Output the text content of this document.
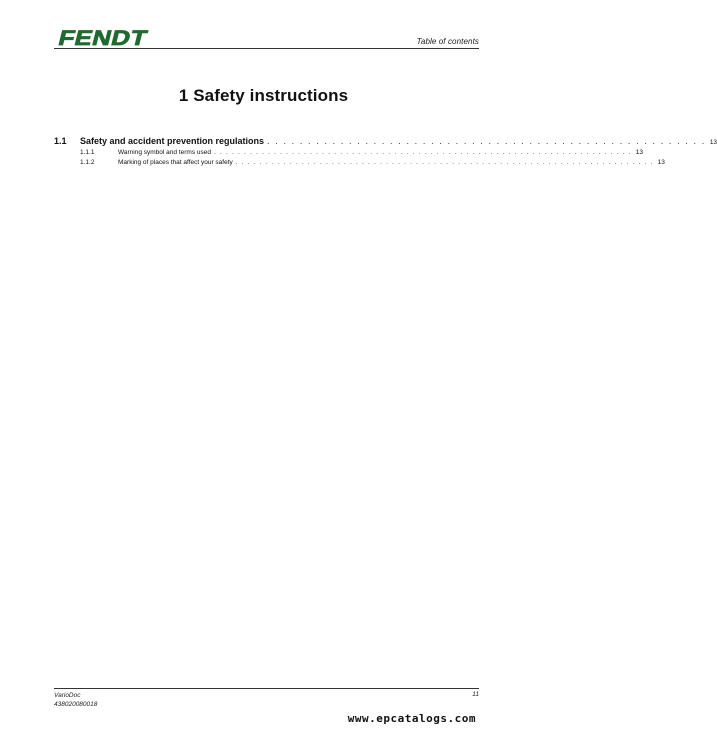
FENDT	Table of contents
1 Safety instructions
1.1	Safety and accident prevention regulations . . . . . . . . . . . . . . . . . . . . . . . . . . . . . . . . . . . . . . . . . . . . . . . . . . . . . . 13
1.1.1	Warning symbol and terms used . . . . . . . . . . . . . . . . . . . . . . . . . . . . . . . . . . . . . . . . . . . . . . . . . . . . . . . . . . . . . . . . . . . . . . 13
1.1.2	Marking of places that affect your safety . . . . . . . . . . . . . . . . . . . . . . . . . . . . . . . . . . . . . . . . . . . . . . . . . . . . . . . . . . . . . . . . . . . . . . 13
VarioDoc
438020080018
11
www.epcatalogs.com
